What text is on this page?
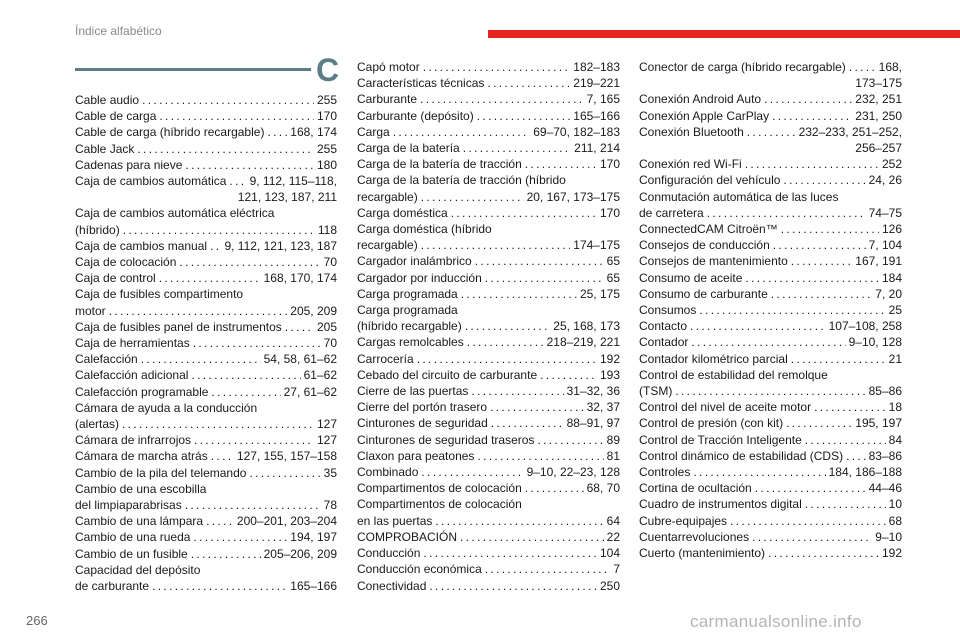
Índice alfabético
C
Cable audio . . .	255
Cable de carga . . .	170
Cable de carga (híbrido recargable) . . . 168, 174
Cable Jack . . .	255
Cadenas para nieve . . .	180
Caja de cambios automática . . . 9, 112, 115–118,
121, 123, 187, 211
Caja de cambios automática eléctrica
(híbrido) . . .	118
Caja de cambios manual . . . 9, 112, 121, 123, 187
Caja de colocación . . .	70
Caja de control . . .	168, 170, 174
Caja de fusibles compartimento
motor . . .	205, 209
Caja de fusibles panel de instrumentos . . .	205
Caja de herramientas . . .	70
Calefacción . . .	54, 58, 61–62
Calefacción adicional . . .	61–62
Calefacción programable . . .	27, 61–62
Cámara de ayuda a la conducción
(alertas) . . .	127
Cámara de infrarrojos . . .	127
Cámara de marcha atrás . . . 127, 155, 157–158
Cambio de la pila del telemando . . .	35
Cambio de una escobilla
del limpiaparabrisas . . .	78
Cambio de una lámpara . . .	200–201, 203–204
Cambio de una rueda . . .	194, 197
Cambio de un fusible . . .	205–206, 209
Capacidad del depósito
de carburante . . .	165–166
Capó motor . . .	182–183
Características técnicas . . .	219–221
Carburante . . .	7, 165
Carburante (depósito) . . .	165–166
Carga . . .	69–70, 182–183
Carga de la batería . . .	211, 214
Carga de la batería de tracción . . .	170
Carga de la batería de tracción (híbrido
recargable) . . .	20, 167, 173–175
Carga doméstica . . .	170
Carga doméstica (híbrido
recargable) . . .	174–175
Cargador inalámbrico . . .	65
Cargador por inducción . . .	65
Carga programada . . .	25, 175
Carga programada
(híbrido recargable) . . .	25, 168, 173
Cargas remolcables . . .	218–219, 221
Carrocería . . .	192
Cebado del circuito de carburante . . .	193
Cierre de las puertas . . .	31–32, 36
Cierre del portón trasero . . .	32, 37
Cinturones de seguridad . . .	88–91, 97
Cinturones de seguridad traseros . . .	89
Claxon para peatones . . .	81
Combinado . . .	9–10, 22–23, 128
Compartimentos de colocación . . .	68, 70
Compartimentos de colocación
en las puertas . . .	64
COMPROBACIÓN . . .	22
Conducción . . .	104
Conducción económica . . .	7
Conectividad . . .	250
Conector de carga (híbrido recargable) . . .	168,
173–175
Conexión Android Auto . . .	232, 251
Conexión Apple CarPlay . . .	231, 250
Conexión Bluetooth . . .	232–233, 251–252,
256–257
Conexión red Wi-Fi . . .	252
Configuración del vehículo . . .	24, 26
Conmutación automática de las luces
de carretera . . .	74–75
ConnectedCAM Citroën™ . . .	126
Consejos de conducción . . .	7, 104
Consejos de mantenimiento . . .	167, 191
Consumo de aceite . . .	184
Consumo de carburante . . .	7, 20
Consumos . . .	25
Contacto . . .	107–108, 258
Contador . . .	9–10, 128
Contador kilométrico parcial . . .	21
Control de estabilidad del remolque
(TSM) . . .	85–86
Control del nivel de aceite motor . . .	18
Control de presión (con kit) . . .	195, 197
Control de Tracción Inteligente . . .	84
Control dinámico de estabilidad (CDS) . . . 83–86
Controles . . .	184, 186–188
Cortina de ocultación . . .	44–46
Cuadro de instrumentos digital . . .	10
Cubre-equipajes . . .	68
Cuentarrevoluciones . . .	9–10
Cuerto (mantenimiento) . . .	192
266	carmanualsonline.info
